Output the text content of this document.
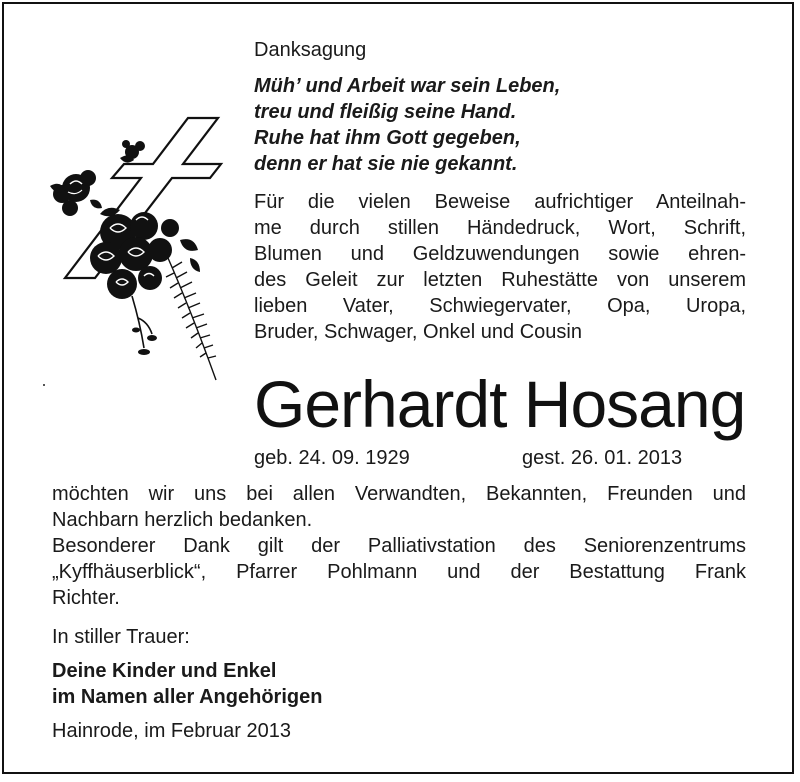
Danksagung
Müh’ und Arbeit war sein Leben,
treu und fleißig seine Hand.
Ruhe hat ihm Gott gegeben,
denn er hat sie nie gekannt.
Für die vielen Beweise aufrichtiger Anteilnah-
me durch stillen Händedruck, Wort, Schrift,
Blumen und Geldzuwendungen sowie ehren-
des Geleit zur letzten Ruhestätte von unserem
lieben Vater, Schwiegervater, Opa, Uropa,
Bruder, Schwager, Onkel und Cousin
Gerhardt Hosang
geb. 24. 09. 1929	gest. 26. 01. 2013
möchten wir uns bei allen Verwandten, Bekannten, Freunden und
Nachbarn herzlich bedanken.
Besonderer Dank gilt der Palliativstation des Seniorenzentrums
„Kyffhäuserblick“, Pfarrer Pohlmann und der Bestattung Frank
Richter.
In stiller Trauer:
Deine Kinder und Enkel
im Namen aller Angehörigen
Hainrode, im Februar 2013
